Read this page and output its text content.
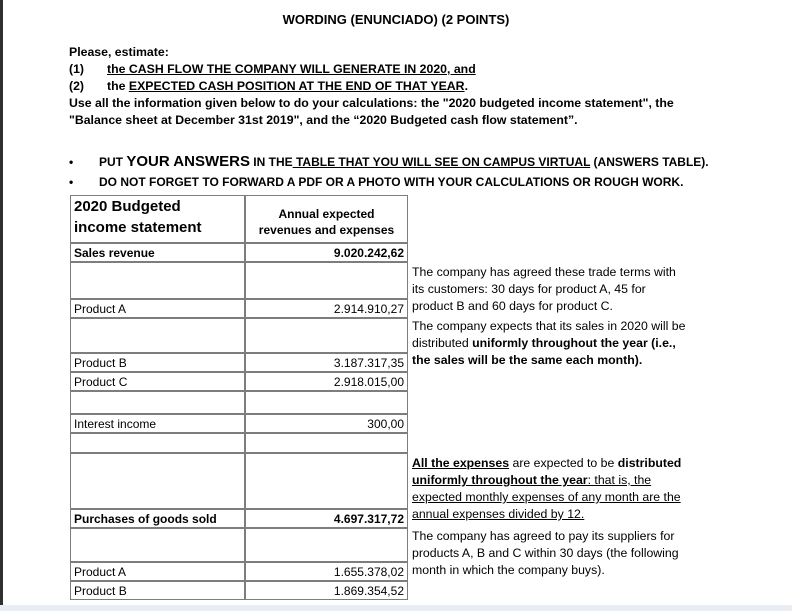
WORDING (ENUNCIADO) (2 POINTS)
Please, estimate:
(1) the CASH FLOW THE COMPANY WILL GENERATE IN 2020, and
(2) the EXPECTED CASH POSITION AT THE END OF THAT YEAR.
Use all the information given below to do your calculations: the "2020 budgeted income statement", the
"Balance sheet at December 31st 2019", and the “2020 Budgeted cash flow statement”.
• PUT YOUR ANSWERS IN THE TABLE THAT YOU WILL SEE ON CAMPUS VIRTUAL (ANSWERS TABLE).
• DO NOT FORGET TO FORWARD A PDF OR A PHOTO WITH YOUR CALCULATIONS OR ROUGH WORK.
2020 Budgeted
income statement
Annual expected
revenues and expenses
Sales revenue	9.020.242,62
Product A	2.914.910,27
Product B	3.187.317,35
Product C	2.918.015,00
Interest income	300,00
Purchases of goods sold	4.697.317,72
Product A	1.655.378,02
Product B	1.869.354,52
The company has agreed these trade terms with
its customers: 30 days for product A, 45 for
product B and 60 days for product C.
The company expects that its sales in 2020 will be
distributed uniformly throughout the year (i.e.,
the sales will be the same each month).
All the expenses are expected to be distributed
uniformly throughout the year: that is, the
expected monthly expenses of any month are the
annual expenses divided by 12.
The company has agreed to pay its suppliers for
products A, B and C within 30 days (the following
month in which the company buys).
